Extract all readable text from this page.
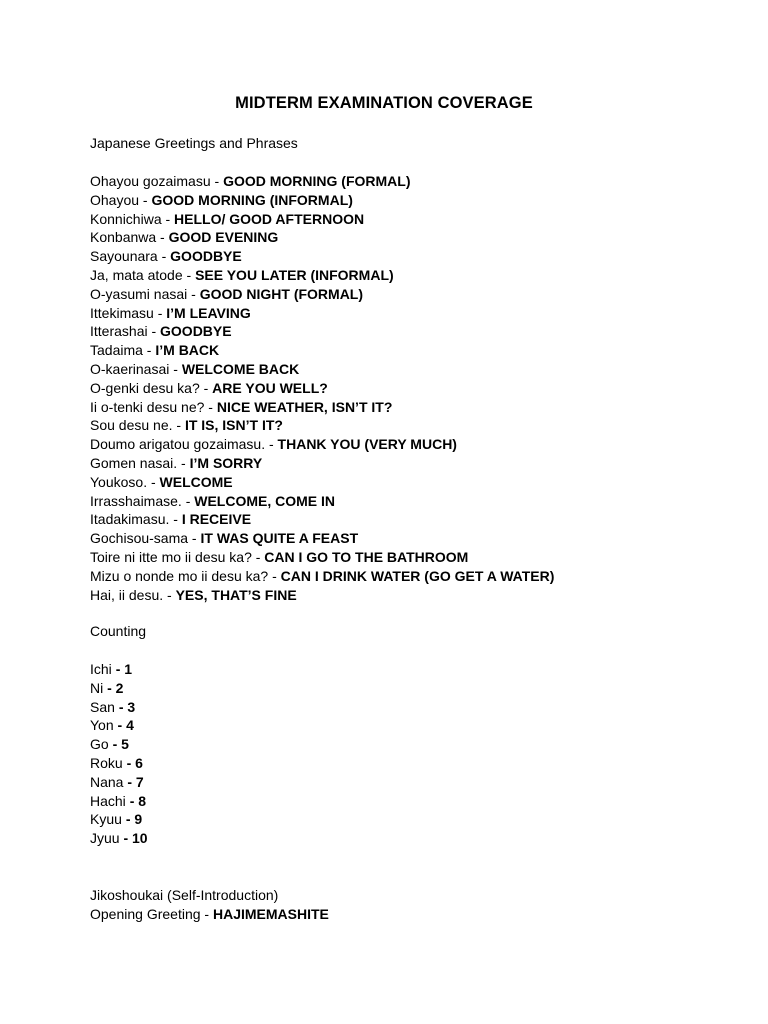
MIDTERM EXAMINATION COVERAGE
Japanese Greetings and Phrases
Ohayou gozaimasu - GOOD MORNING (FORMAL)
Ohayou - GOOD MORNING (INFORMAL)
Konnichiwa - HELLO/ GOOD AFTERNOON
Konbanwa - GOOD EVENING
Sayounara - GOODBYE
Ja, mata atode - SEE YOU LATER (INFORMAL)
O-yasumi nasai - GOOD NIGHT (FORMAL)
Ittekimasu - I’M LEAVING
Itterashai - GOODBYE
Tadaima - I’M BACK
O-kaerinasai - WELCOME BACK
O-genki desu ka? - ARE YOU WELL?
Ii o-tenki desu ne? - NICE WEATHER, ISN’T IT?
Sou desu ne. - IT IS, ISN’T IT?
Doumo arigatou gozaimasu. - THANK YOU (VERY MUCH)
Gomen nasai. - I’M SORRY
Youkoso. - WELCOME
Irrasshaimase. - WELCOME, COME IN
Itadakimasu. - I RECEIVE
Gochisou-sama - IT WAS QUITE A FEAST
Toire ni itte mo ii desu ka? - CAN I GO TO THE BATHROOM
Mizu o nonde mo ii desu ka? - CAN I DRINK WATER (GO GET A WATER)
Hai, ii desu. - YES, THAT’S FINE
Counting
Ichi - 1
Ni - 2
San - 3
Yon - 4
Go - 5
Roku - 6
Nana - 7
Hachi - 8
Kyuu - 9
Jyuu - 10
Jikoshoukai (Self-Introduction)
Opening Greeting - HAJIMEMASHITE
